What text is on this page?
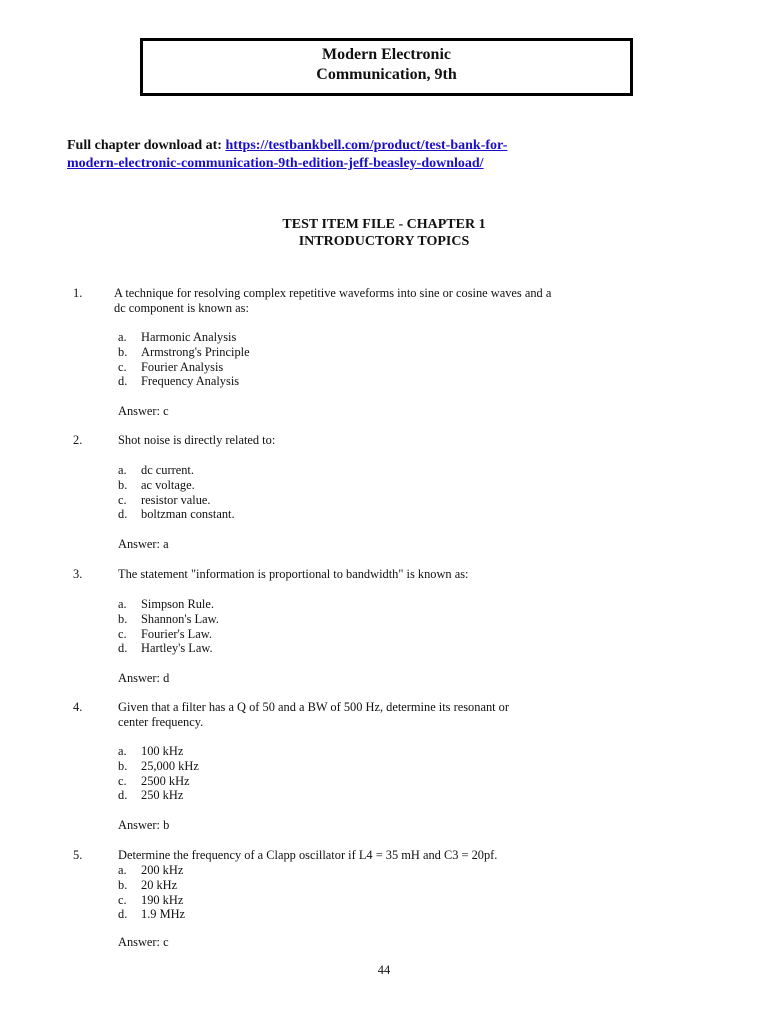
Modern Electronic
Communication, 9th
Full chapter download at: https://testbankbell.com/product/test-bank-for-modern-electronic-communication-9th-edition-jeff-beasley-download/
TEST ITEM FILE - CHAPTER 1
INTRODUCTORY TOPICS
1.	A technique for resolving complex repetitive waveforms into sine or cosine waves and a dc component is known as:
a. Harmonic Analysis
b. Armstrong's Principle
c. Fourier Analysis
d. Frequency Analysis
Answer: c
2.	Shot noise is directly related to:
a. dc current.
b. ac voltage.
c. resistor value.
d. boltzman constant.
Answer: a
3.	The statement "information is proportional to bandwidth" is known as:
a. Simpson Rule.
b. Shannon's Law.
c. Fourier's Law.
d. Hartley's Law.
Answer: d
4.	Given that a filter has a Q of 50 and a BW of 500 Hz, determine its resonant or center frequency.
a. 100 kHz
b. 25,000 kHz
c. 2500 kHz
d. 250 kHz
Answer: b
5.	Determine the frequency of a Clapp oscillator if L4 = 35 mH and C3 = 20pf.
a. 200 kHz
b. 20 kHz
c. 190 kHz
d. 1.9 MHz
Answer: c
44
